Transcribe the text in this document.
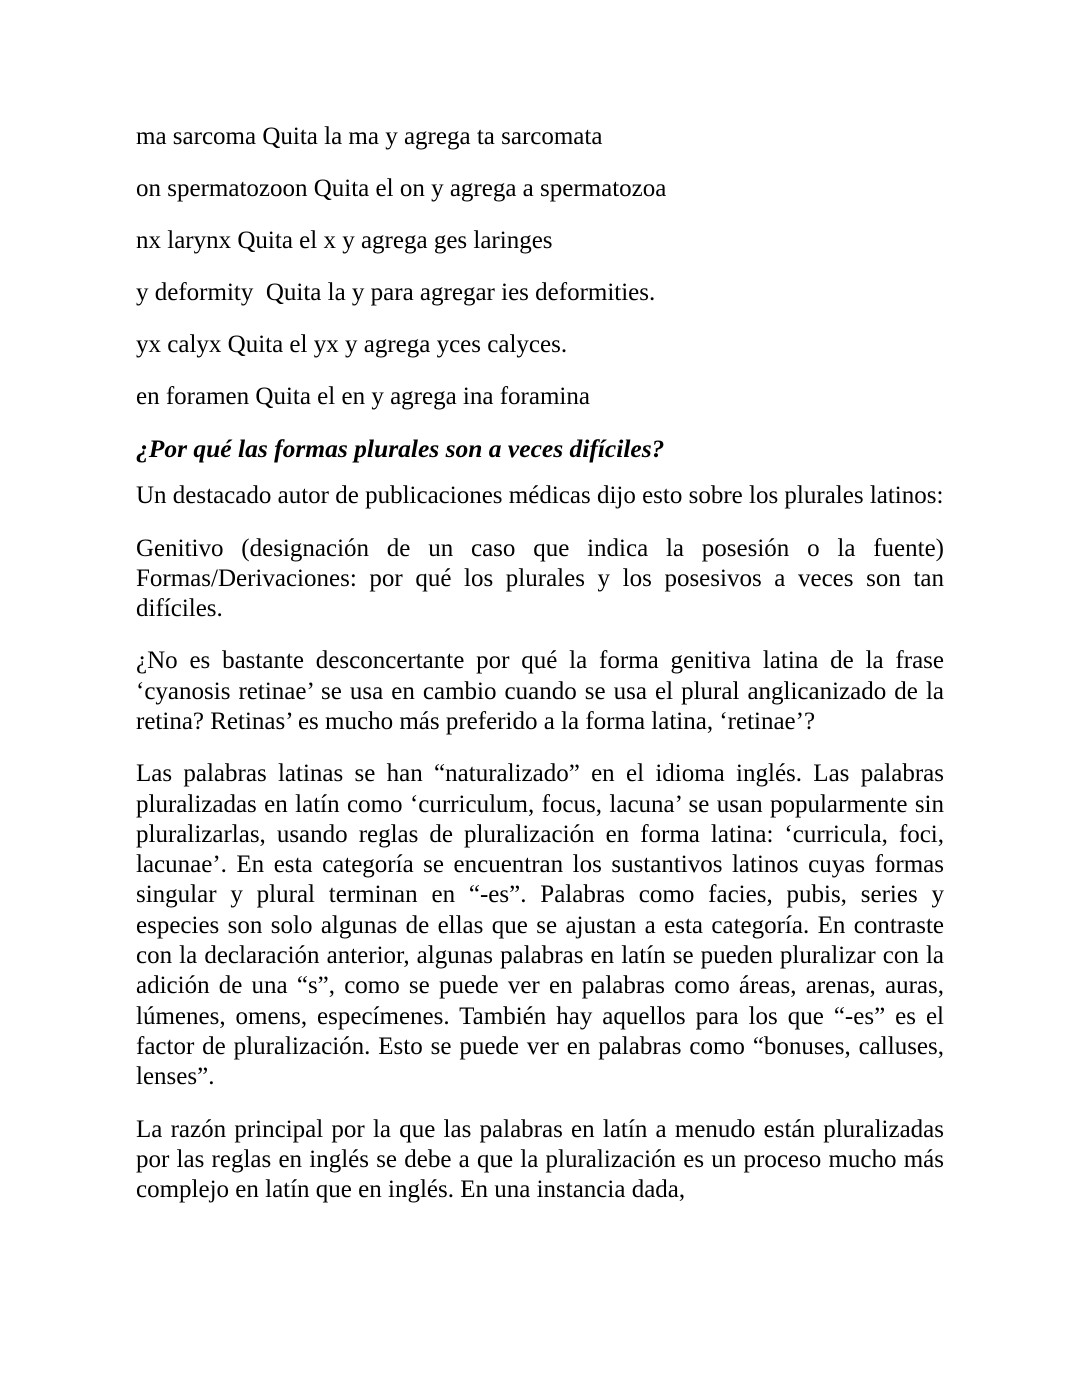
ma sarcoma Quita la ma y agrega ta sarcomata
on spermatozoon Quita el on y agrega a spermatozoa
nx larynx Quita el x y agrega ges laringes
y deformity  Quita la y para agregar ies deformities.
yx calyx Quita el yx y agrega yces calyces.
en foramen Quita el en y agrega ina foramina
¿Por qué las formas plurales son a veces difíciles?

Un destacado autor de publicaciones médicas dijo esto sobre los plurales latinos:

Genitivo (designación de un caso que indica la posesión o la fuente) Formas/Derivaciones: por qué los plurales y los posesivos a veces son tan difíciles.

¿No es bastante desconcertante por qué la forma genitiva latina de la frase ‘cyanosis retinae’ se usa en cambio cuando se usa el plural anglicanizado de la retina? Retinas’ es mucho más preferido a la forma latina, ‘retinae’?

Las palabras latinas se han “naturalizado” en el idioma inglés. Las palabras pluralizadas en latín como ‘curriculum, focus, lacuna’ se usan popularmente sin pluralizarlas, usando reglas de pluralización en forma latina: ‘curricula, foci, lacunae’. En esta categoría se encuentran los sustantivos latinos cuyas formas singular y plural terminan en “-es”. Palabras como facies, pubis, series y especies son solo algunas de ellas que se ajustan a esta categoría. En contraste con la declaración anterior, algunas palabras en latín se pueden pluralizar con la adición de una “s”, como se puede ver en palabras como áreas, arenas, auras, lúmenes, omens, especímenes. También hay aquellos para los que “-es” es el factor de pluralización. Esto se puede ver en palabras como “bonuses, calluses, lenses”.

La razón principal por la que las palabras en latín a menudo están pluralizadas por las reglas en inglés se debe a que la pluralización es un proceso mucho más complejo en latín que en inglés. En una instancia dada,
